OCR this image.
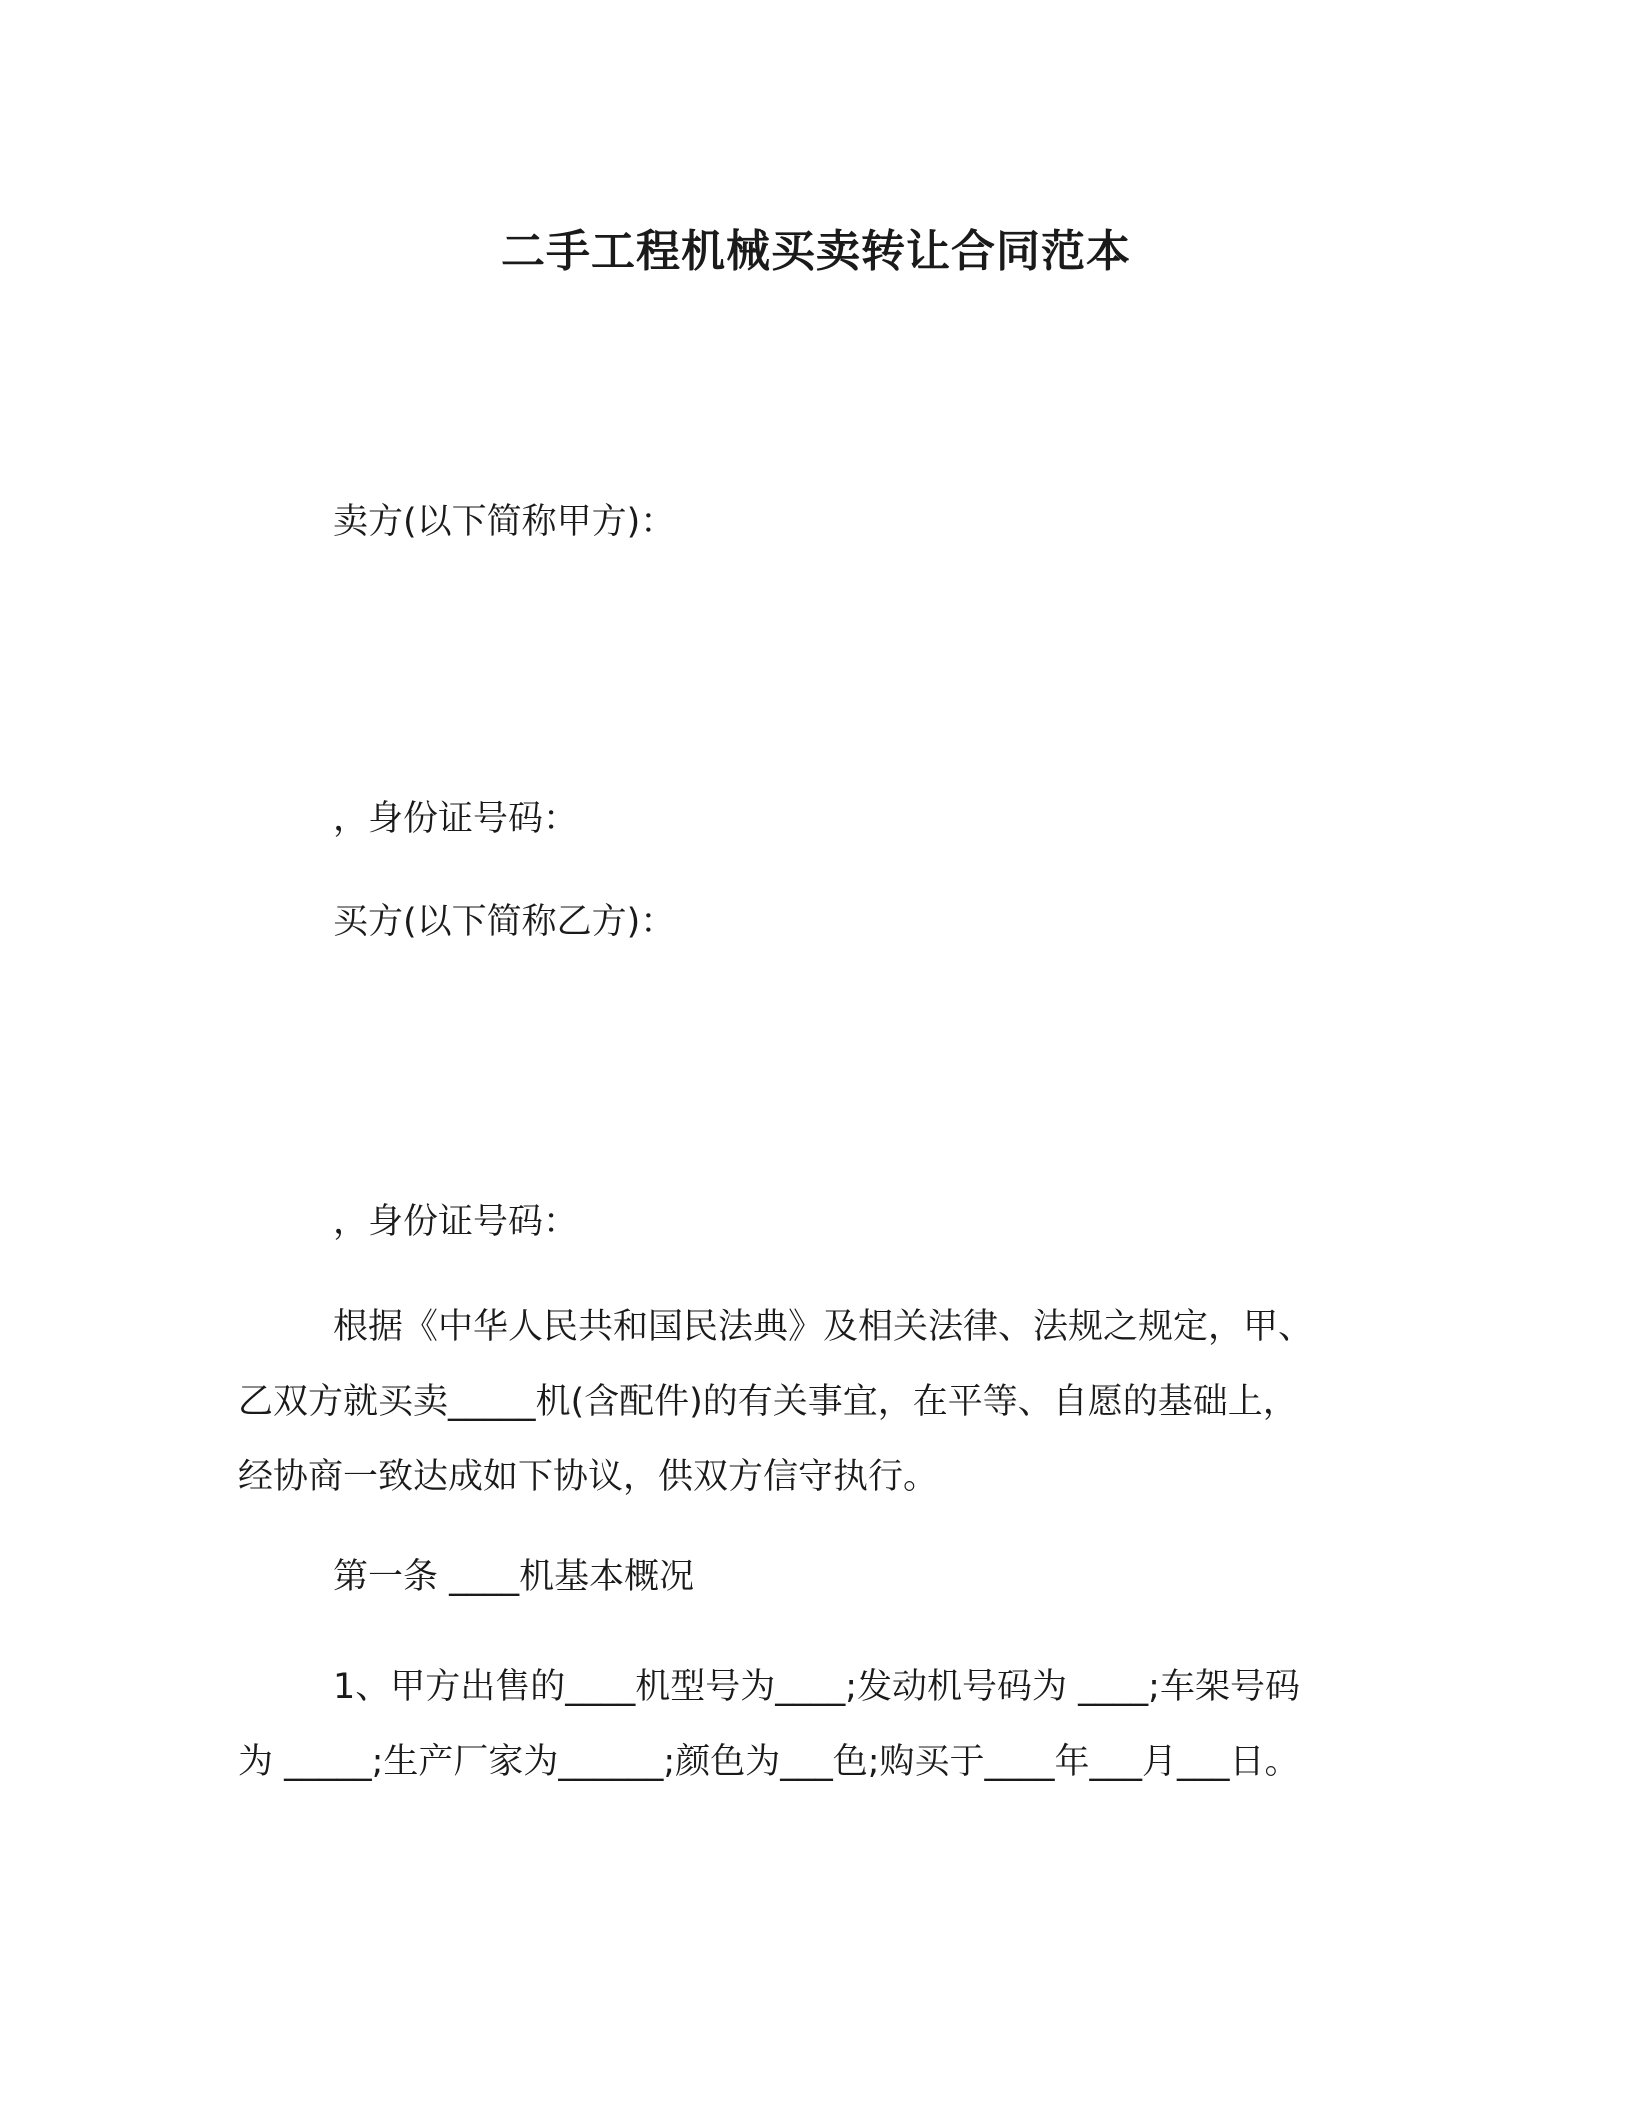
二手工程机械买卖转让合同范本
卖方(以下简称甲方)：
，身份证号码：
买方(以下简称乙方)：
，身份证号码：
根据《中华人民共和国民法典》及相关法律、法规之规定，甲、
乙双方就买卖_____机(含配件)的有关事宜，在平等、自愿的基础上，
经协商一致达成如下协议，供双方信守执行。
第一条 ____机基本概况
1、甲方出售的____机型号为____;发动机号码为 ____;车架号码
为 _____;生产厂家为______;颜色为___色;购买于____年___月___日。
